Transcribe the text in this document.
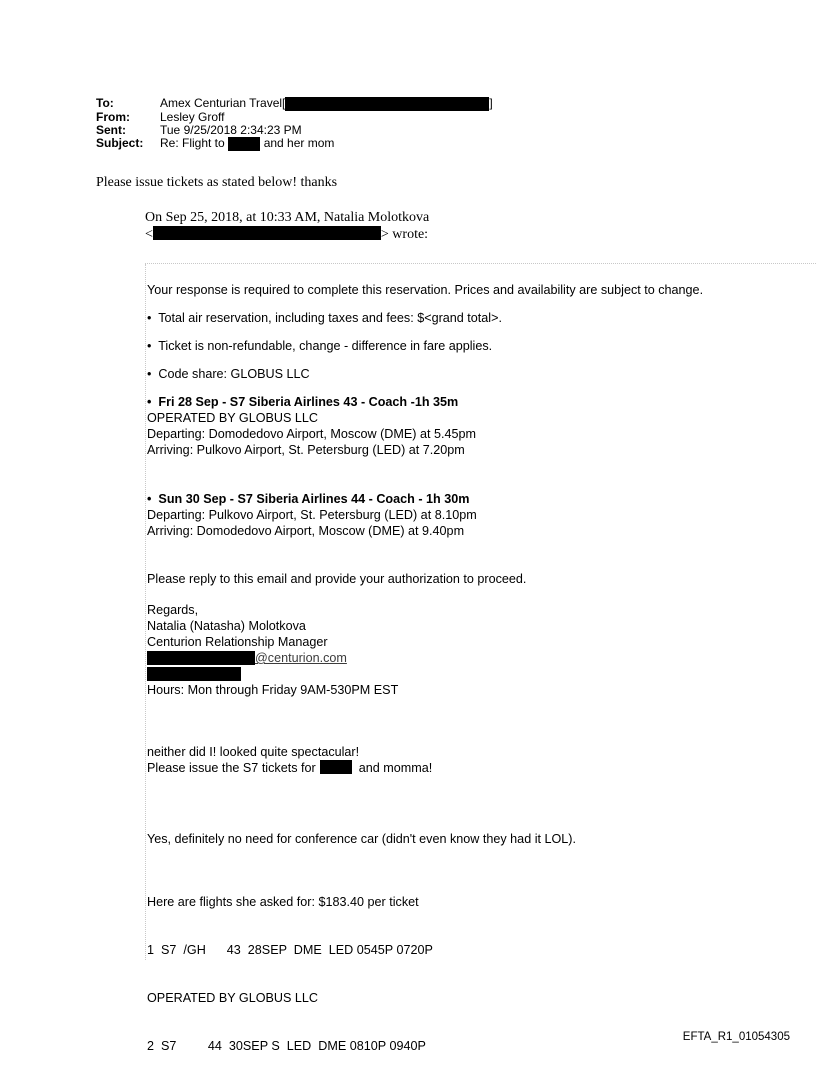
To:	Amex Centurian Travel[	]
From:	Lesley Groff
Sent:	Tue 9/25/2018 2:34:23 PM
Subject:	Re: Flight to	and her mom
Please issue tickets as stated below! thanks
On Sep 25, 2018, at 10:33 AM, Natalia Molotkova
<	> wrote:

Your response is required to complete this reservation. Prices and availability are subject to change.

• Total air reservation, including taxes and fees: $<grand total>.

• Ticket is non-refundable, change - difference in fare applies.

• Code share: GLOBUS LLC

• Fri 28 Sep - S7 Siberia Airlines 43 - Coach -1h 35m
OPERATED BY GLOBUS LLC
Departing: Domodedovo Airport, Moscow (DME) at 5.45pm
Arriving: Pulkovo Airport, St. Petersburg (LED) at 7.20pm
• Sun 30 Sep - S7 Siberia Airlines 44 - Coach - 1h 30m
Departing: Pulkovo Airport, St. Petersburg (LED) at 8.10pm
Arriving: Domodedovo Airport, Moscow (DME) at 9.40pm

Please reply to this email and provide your authorization to proceed.

Regards,
Natalia (Natasha) Molotkova
Centurion Relationship Manager
@centurion.com
Hours: Mon through Friday 9AM-530PM EST
neither did I! looked quite spectacular!
Please issue the S7 tickets for	and momma!

Yes, definitely no need for conference car (didn't even know they had it LOL).

Here are flights she asked for: $183.40 per ticket

1  S7  /GH      43  28SEP  DME  LED 0545P 0720P

OPERATED BY GLOBUS LLC

2  S7         44  30SEP S  LED  DME 0810P 0940P

EFTA_R1_01054305
